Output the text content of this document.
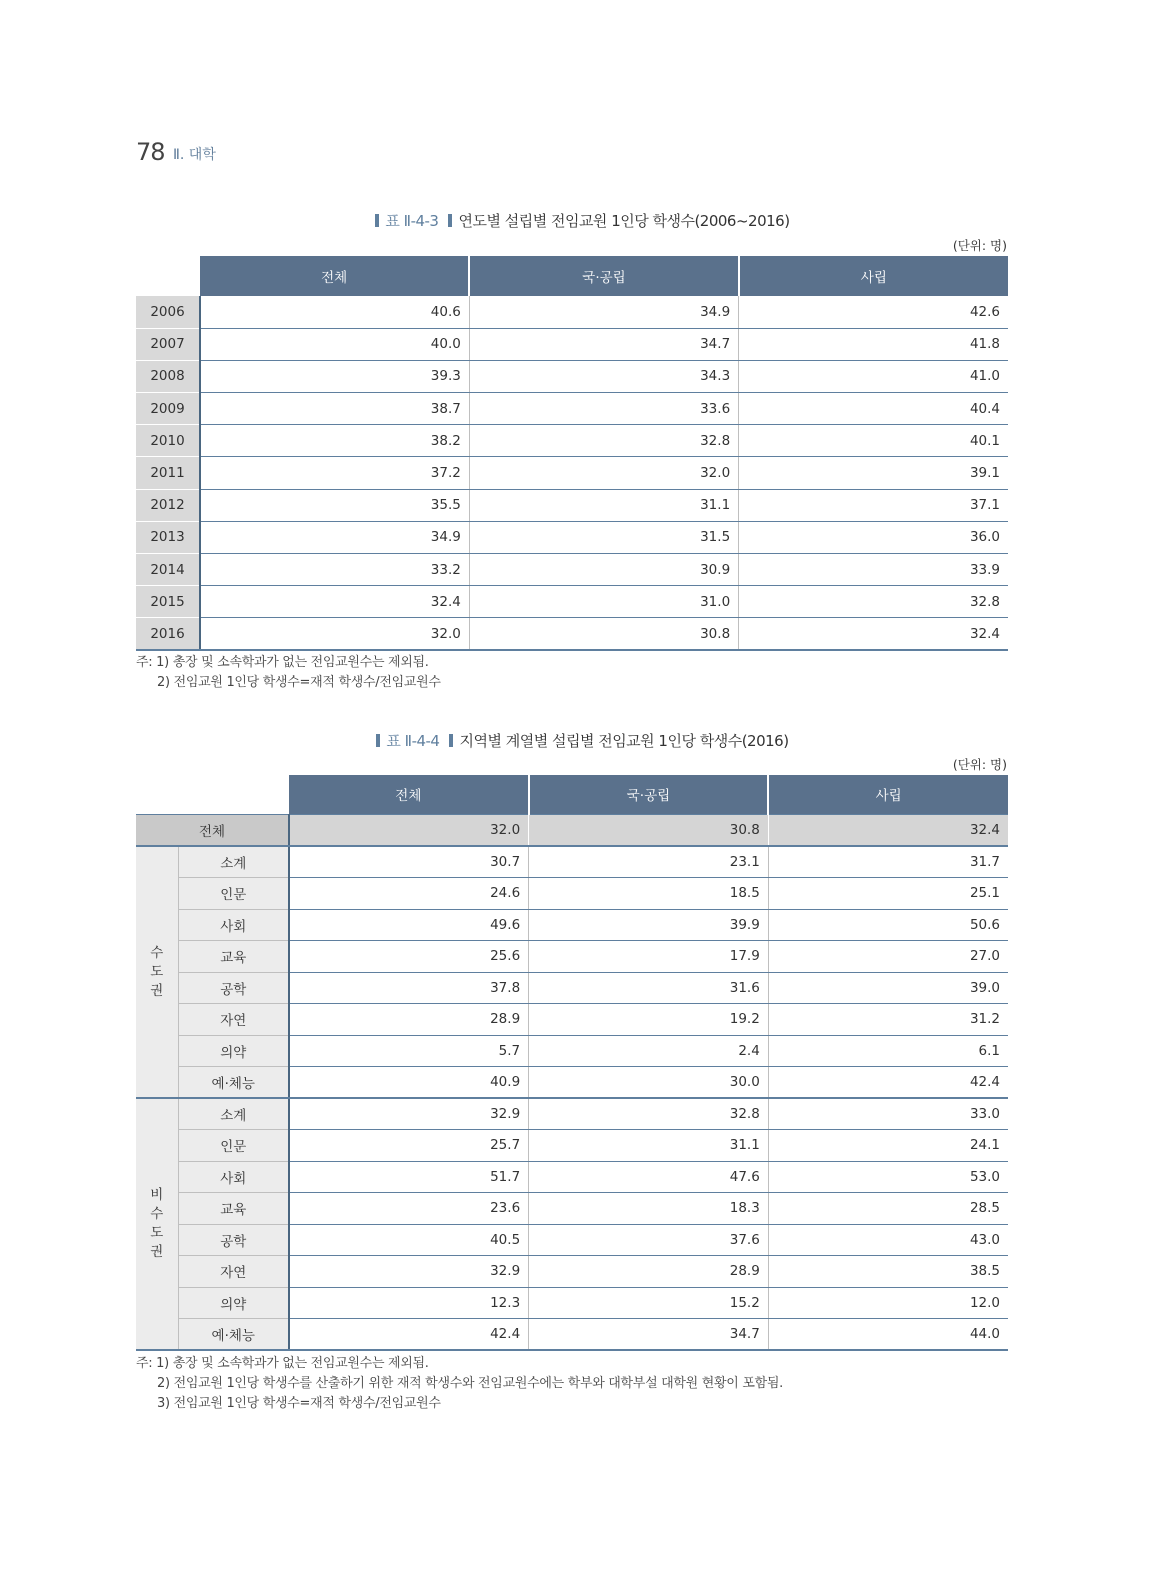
78 Ⅱ. 대학
표 Ⅱ-4-3 연도별 설립별 전임교원 1인당 학생수(2006~2016)
(단위: 명)
	전체	국·공립	사립
2006	40.6	34.9	42.6
2007	40.0	34.7	41.8
2008	39.3	34.3	41.0
2009	38.7	33.6	40.4
2010	38.2	32.8	40.1
2011	37.2	32.0	39.1
2012	35.5	31.1	37.1
2013	34.9	31.5	36.0
2014	33.2	30.9	33.9
2015	32.4	31.0	32.8
2016	32.0	30.8	32.4
주: 1) 총장 및 소속학과가 없는 전임교원수는 제외됨.
2) 전임교원 1인당 학생수=재적 학생수/전임교원수
표 Ⅱ-4-4 지역별 계열별 설립별 전임교원 1인당 학생수(2016)
(단위: 명)
		전체	국·공립	사립
전체		32.0	30.8	32.4

수
도
권	소계	30.7	23.1	31.7
	인문	24.6	18.5	25.1
	사회	49.6	39.9	50.6
	교육	25.6	17.9	27.0
	공학	37.8	31.6	39.0
	자연	28.9	19.2	31.2
	의약	5.7	2.4	6.1
	예·체능	40.9	30.0	42.4

비
수
도
권	소계	32.9	32.8	33.0
	인문	25.7	31.1	24.1
	사회	51.7	47.6	53.0
	교육	23.6	18.3	28.5
	공학	40.5	37.6	43.0
	자연	32.9	28.9	38.5
	의약	12.3	15.2	12.0
	예·체능	42.4	34.7	44.0
주: 1) 총장 및 소속학과가 없는 전임교원수는 제외됨.
2) 전임교원 1인당 학생수를 산출하기 위한 재적 학생수와 전임교원수에는 학부와 대학부설 대학원 현황이 포함됨.
3) 전임교원 1인당 학생수=재적 학생수/전임교원수
